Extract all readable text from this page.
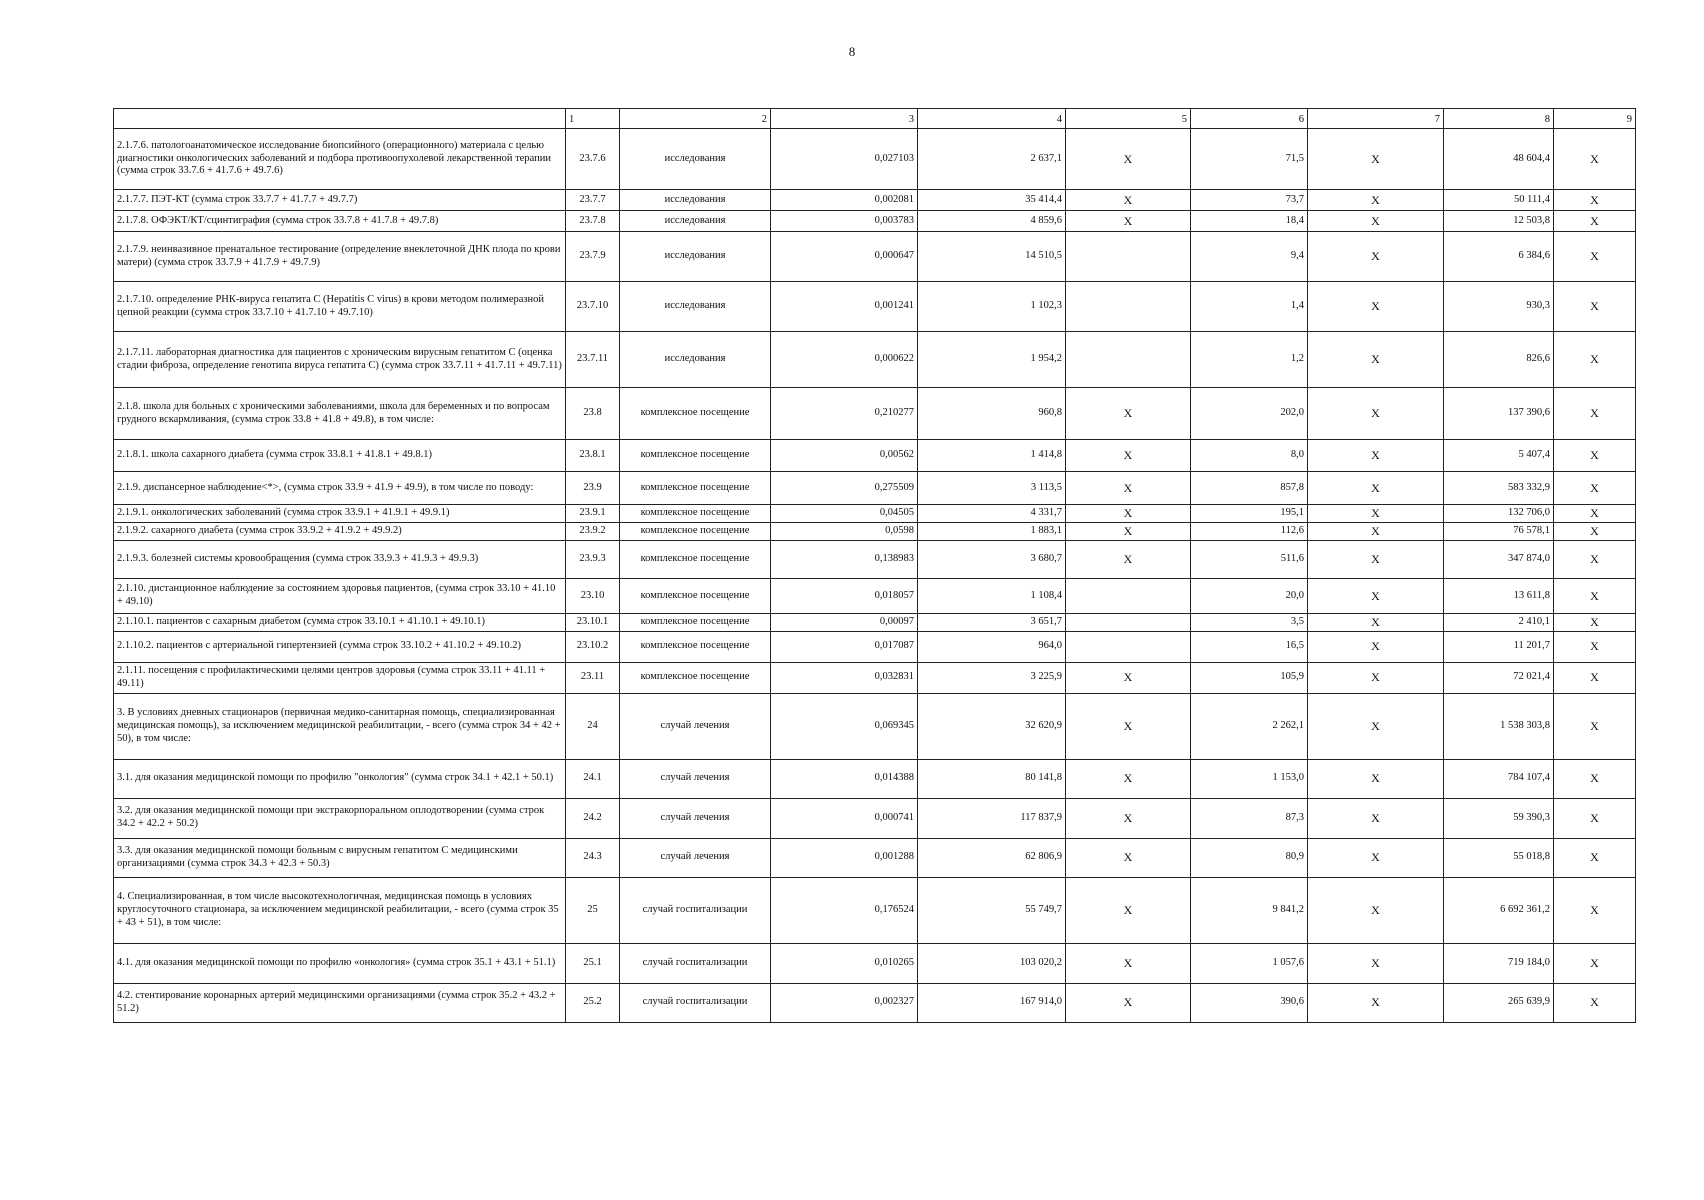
8
	1	2	3	4	5	6	7	8	9
2.1.7.6. патологоанатомическое исследование биопсийного (операционного) материала с целью диагностики онкологических заболеваний и подбора противоопухолевой лекарственной терапии (сумма строк 33.7.6 + 41.7.6 + 49.7.6)	23.7.6	исследования	0,027103	2 637,1	X	71,5	X	48 604,4	X
2.1.7.7. ПЭТ-КТ (сумма строк 33.7.7 + 41.7.7 + 49.7.7)	23.7.7	исследования	0,002081	35 414,4	X	73,7	X	50 111,4	X
2.1.7.8. ОФЭКТ/КТ/сцинтиграфия (сумма строк 33.7.8 + 41.7.8 + 49.7.8)	23.7.8	исследования	0,003783	4 859,6	X	18,4	X	12 503,8	X
2.1.7.9. неинвазивное пренатальное тестирование (определение внеклеточной ДНК плода по крови матери) (сумма строк 33.7.9 + 41.7.9 + 49.7.9)	23.7.9	исследования	0,000647	14 510,5		9,4	X	6 384,6	X
2.1.7.10. определение РНК-вируса гепатита С (Hepatitis C virus) в крови методом полимеразной цепной реакции (сумма строк 33.7.10 + 41.7.10 + 49.7.10)	23.7.10	исследования	0,001241	1 102,3		1,4	X	930,3	X
2.1.7.11. лабораторная диагностика для пациентов с хроническим вирусным гепатитом С (оценка стадии фиброза, определение генотипа вируса гепатита С) (сумма строк 33.7.11 + 41.7.11 + 49.7.11)	23.7.11	исследования	0,000622	1 954,2		1,2	X	826,6	X
2.1.8. школа для больных с хроническими заболеваниями, школа для беременных и по вопросам грудного вскармливания, (сумма строк 33.8 + 41.8 + 49.8), в том числе:	23.8	комплексное посещение	0,210277	960,8	X	202,0	X	137 390,6	X
2.1.8.1. школа сахарного диабета (сумма строк 33.8.1 + 41.8.1 + 49.8.1)	23.8.1	комплексное посещение	0,00562	1 414,8	X	8,0	X	5 407,4	X
2.1.9. диспансерное наблюдение<*>, (сумма строк 33.9 + 41.9 + 49.9), в том числе по поводу:	23.9	комплексное посещение	0,275509	3 113,5	X	857,8	X	583 332,9	X
2.1.9.1. онкологических заболеваний (сумма строк 33.9.1 + 41.9.1 + 49.9.1)	23.9.1	комплексное посещение	0,04505	4 331,7	X	195,1	X	132 706,0	X
2.1.9.2. сахарного диабета (сумма строк 33.9.2 + 41.9.2 + 49.9.2)	23.9.2	комплексное посещение	0,0598	1 883,1	X	112,6	X	76 578,1	X
2.1.9.3. болезней системы кровообращения (сумма строк 33.9.3 + 41.9.3 + 49.9.3)	23.9.3	комплексное посещение	0,138983	3 680,7	X	511,6	X	347 874,0	X
2.1.10. дистанционное наблюдение за состоянием здоровья пациентов, (сумма строк 33.10 + 41.10 + 49.10)	23.10	комплексное посещение	0,018057	1 108,4		20,0	X	13 611,8	X
2.1.10.1. пациентов с сахарным диабетом (сумма строк 33.10.1 + 41.10.1 + 49.10.1)	23.10.1	комплексное посещение	0,00097	3 651,7		3,5	X	2 410,1	X
2.1.10.2. пациентов с артериальной гипертензией (сумма строк 33.10.2 + 41.10.2 + 49.10.2)	23.10.2	комплексное посещение	0,017087	964,0		16,5	X	11 201,7	X
2.1.11. посещения с профилактическими целями центров здоровья (сумма строк 33.11 + 41.11 + 49.11)	23.11	комплексное посещение	0,032831	3 225,9	X	105,9	X	72 021,4	X
3. В условиях дневных стационаров (первичная медико-санитарная помощь, специализированная медицинская помощь), за исключением медицинской реабилитации, - всего (сумма строк 34 + 42 + 50), в том числе:	24	случай лечения	0,069345	32 620,9	X	2 262,1	X	1 538 303,8	X
3.1. для оказания медицинской помощи по профилю "онкология" (сумма строк 34.1 + 42.1 + 50.1)	24.1	случай лечения	0,014388	80 141,8	X	1 153,0	X	784 107,4	X
3.2. для оказания медицинской помощи при экстракорпоральном оплодотворении (сумма строк 34.2 + 42.2 + 50.2)	24.2	случай лечения	0,000741	117 837,9	X	87,3	X	59 390,3	X
3.3. для оказания медицинской помощи больным с вирусным гепатитом С медицинскими организациями (сумма строк 34.3 + 42.3 + 50.3)	24.3	случай лечения	0,001288	62 806,9	X	80,9	X	55 018,8	X
4. Специализированная, в том числе высокотехнологичная, медицинская помощь в условиях круглосуточного стационара, за исключением медицинской реабилитации, - всего (сумма строк 35 + 43 + 51), в том числе:	25	случай госпитализации	0,176524	55 749,7	X	9 841,2	X	6 692 361,2	X
4.1. для оказания медицинской помощи по профилю «онкология» (сумма строк 35.1 + 43.1 + 51.1)	25.1	случай госпитализации	0,010265	103 020,2	X	1 057,6	X	719 184,0	X
4.2. стентирование коронарных артерий медицинскими организациями (сумма строк 35.2 + 43.2 + 51.2)	25.2	случай госпитализации	0,002327	167 914,0	X	390,6	X	265 639,9	X
